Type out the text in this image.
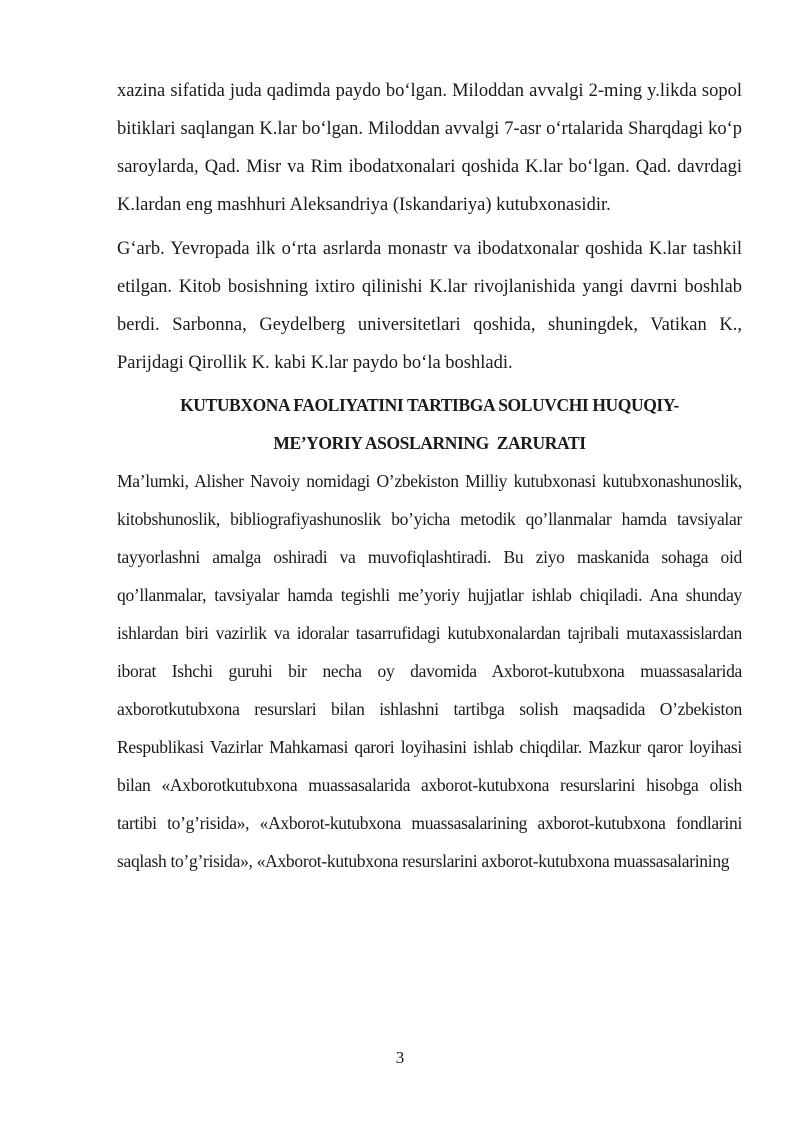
xazina sifatida juda qadimda paydo bo‘lgan. Miloddan avvalgi 2-ming y.likda sopol bitiklari saqlangan K.lar bo‘lgan. Miloddan avvalgi 7-asr o‘rtalarida Sharqdagi ko‘p saroylarda, Qad. Misr va Rim ibodatxonalari qoshida K.lar bo‘lgan. Qad. davrdagi K.lardan eng mashhuri Aleksandriya (Iskandariya) kutubxonasidir.

G‘arb. Yevropada ilk o‘rta asrlarda monastr va ibodatxonalar qoshida K.lar tashkil etilgan. Kitob bosishning ixtiro qilinishi K.lar rivojlanishida yangi davrni boshlab berdi. Sarbonna, Geydelberg universitetlari qoshida, shuningdek, Vatikan K., Parijdagi Qirollik K. kabi K.lar paydo bo‘la boshladi.

KUTUBXONA FAOLIYATINI TARTIBGA SOLUVCHI HUQUQIY-
ME’YORIY ASOSLARNING  ZARURATI

Ma’lumki, Alisher Navoiy nomidagi O’zbekiston Milliy kutubxonasi kutubxonashunoslik, kitobshunoslik, bibliografiyashunoslik bo’yicha metodik qo’llanmalar hamda tavsiyalar tayyorlashni amalga oshiradi va muvofiqlashtiradi. Bu ziyo maskanida sohaga oid qo’llanmalar, tavsiyalar hamda tegishli me’yoriy hujjatlar ishlab chiqiladi. Ana shunday ishlardan biri vazirlik va idoralar tasarrufidagi kutubxonalardan tajribali mutaxassislardan iborat Ishchi guruhi bir necha oy davomida Axborot-kutubxona muassasalarida axborotkutubxona resurslari bilan ishlashni tartibga solish maqsadida O’zbekiston Respublikasi Vazirlar Mahkamasi qarori loyihasini ishlab chiqdilar. Mazkur qaror loyihasi bilan «Axborotkutubxona muassasalarida axborot-kutubxona resurslarini hisobga olish tartibi to’g’risida», «Axborot-kutubxona muassasalarining axborot-kutubxona fondlarini saqlash to’g’risida», «Axborot-kutubxona resurslarini axborot-kutubxona muassasalarining

3
